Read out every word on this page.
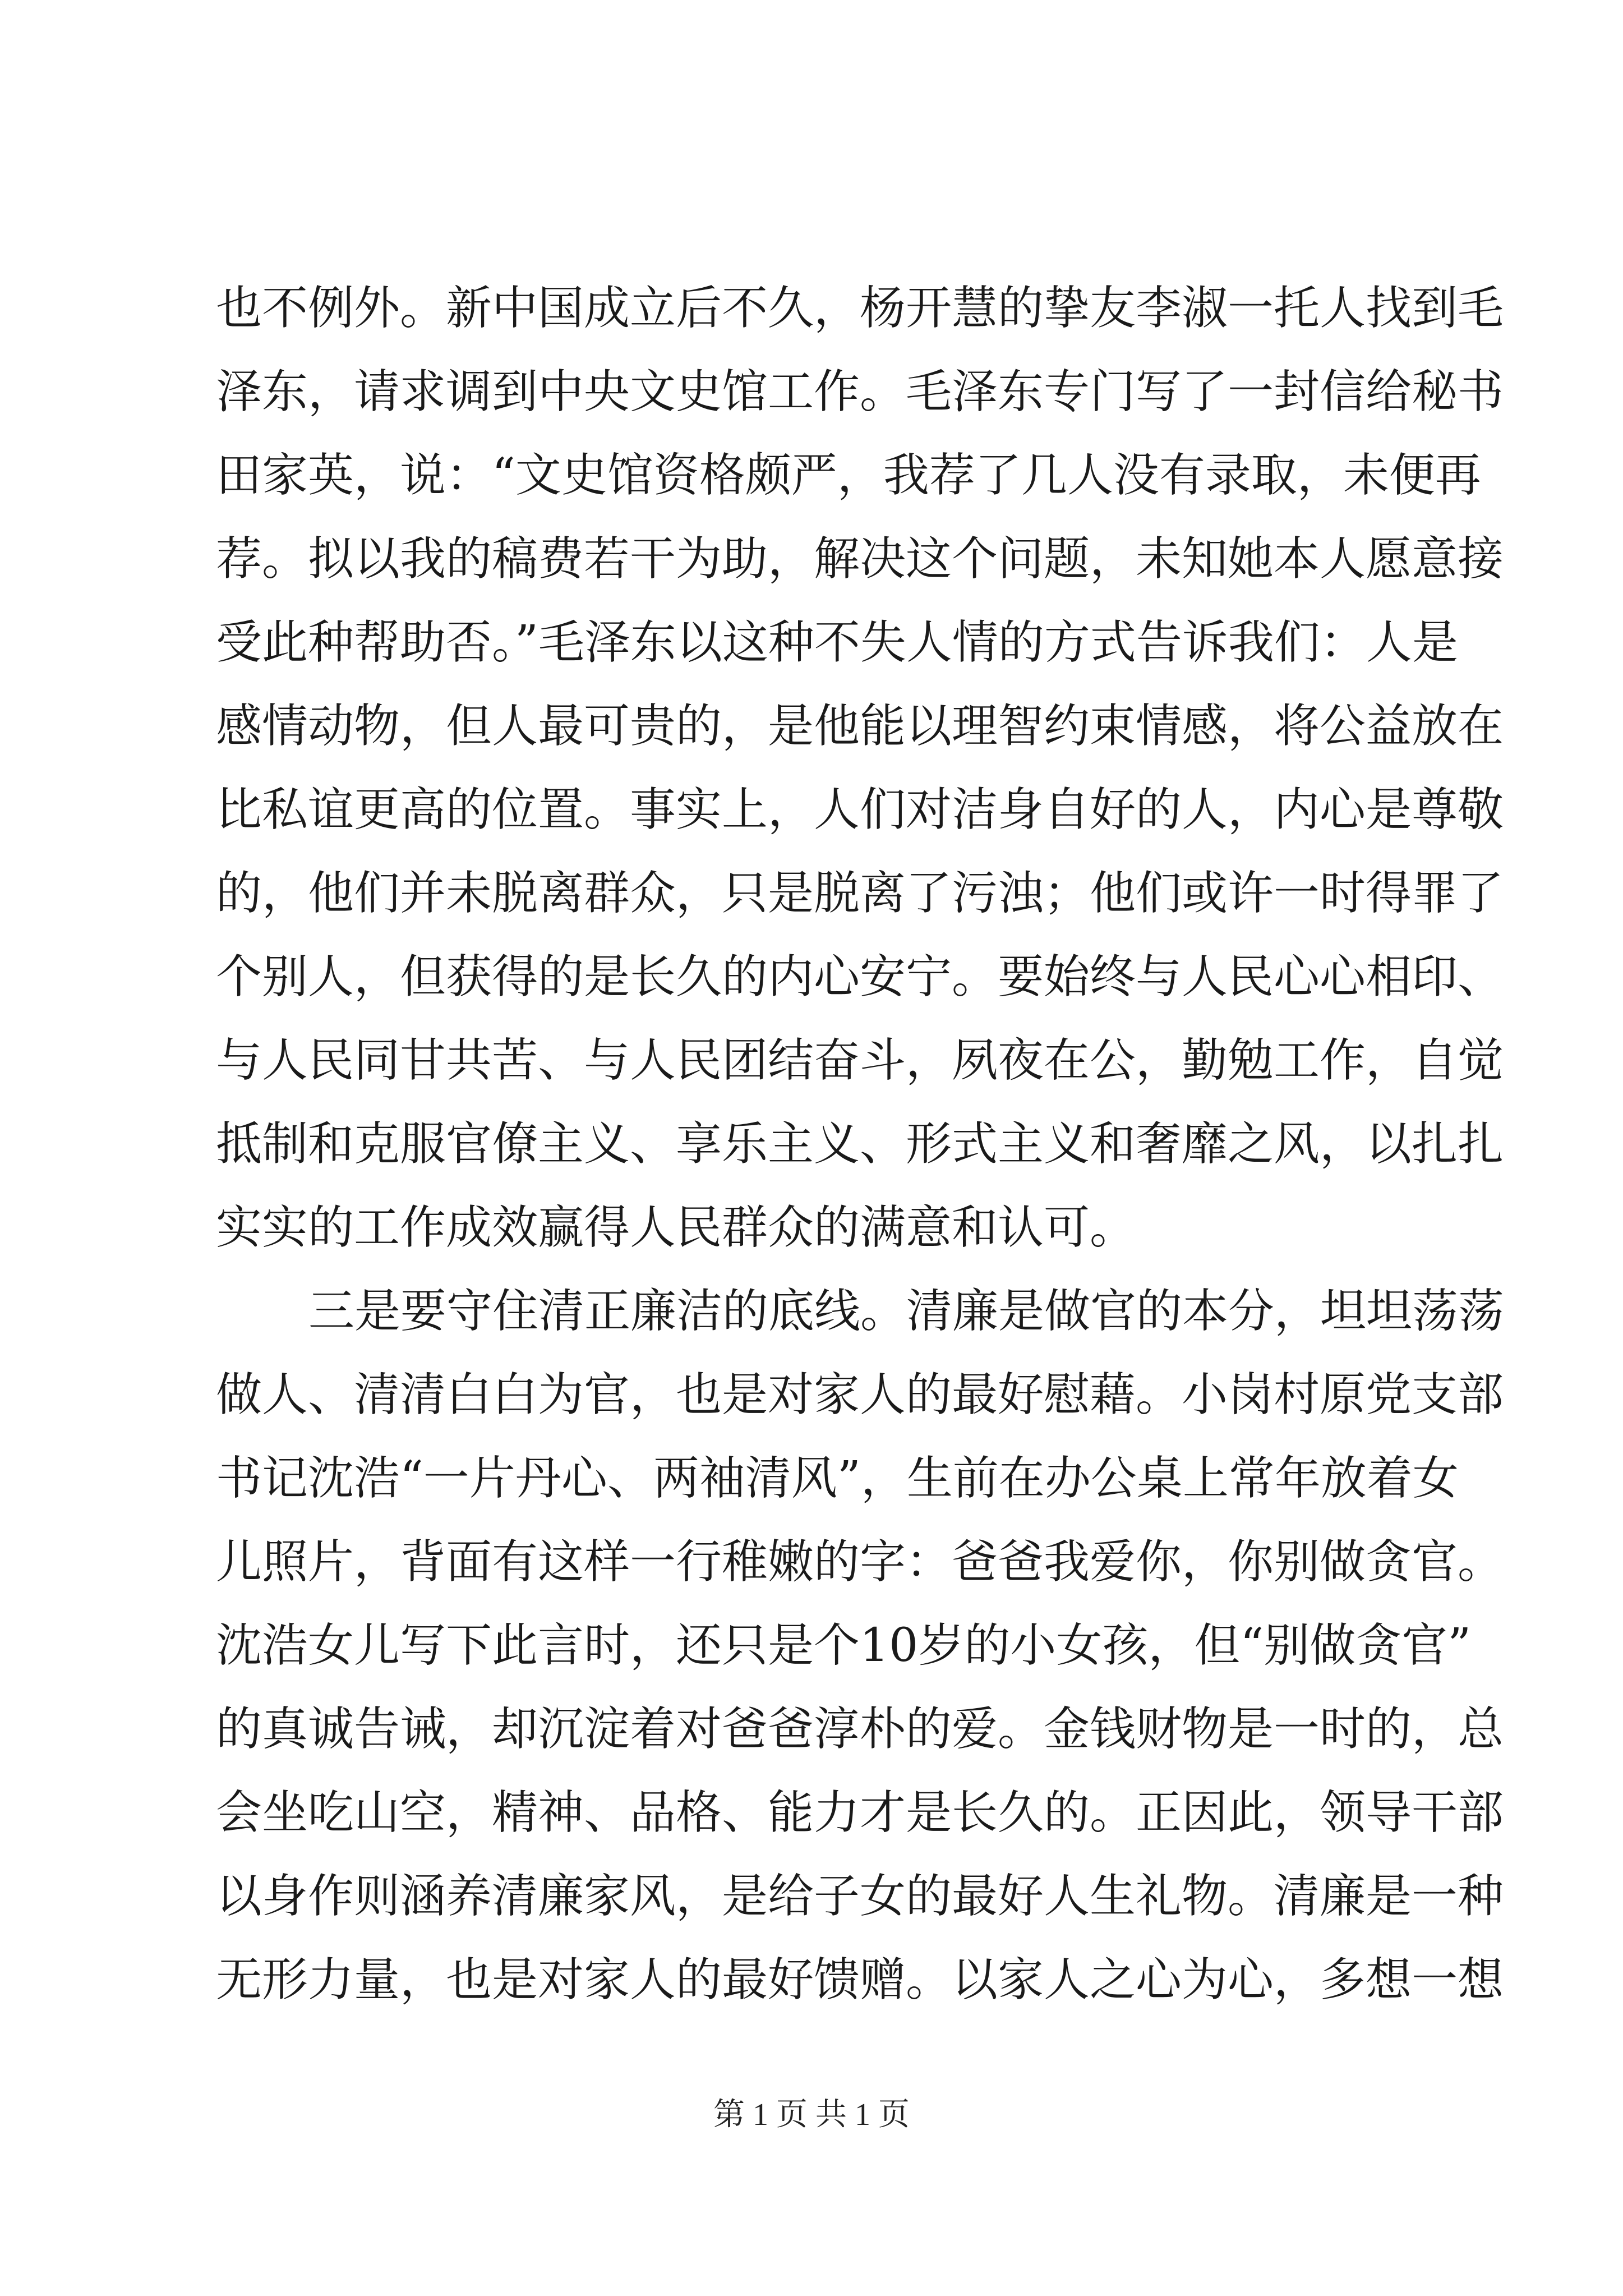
也不例外。新中国成立后不久，杨开慧的挚友李淑一托人找到毛
泽东，请求调到中央文史馆工作。毛泽东专门写了一封信给秘书
田家英，说：“文史馆资格颇严，我荐了几人没有录取，未便再
荐。拟以我的稿费若干为助，解决这个问题，未知她本人愿意接
受此种帮助否。”毛泽东以这种不失人情的方式告诉我们：人是
感情动物，但人最可贵的，是他能以理智约束情感，将公益放在
比私谊更高的位置。事实上，人们对洁身自好的人，内心是尊敬
的，他们并未脱离群众，只是脱离了污浊；他们或许一时得罪了
个别人，但获得的是长久的内心安宁。要始终与人民心心相印、
与人民同甘共苦、与人民团结奋斗，夙夜在公，勤勉工作，自觉
抵制和克服官僚主义、享乐主义、形式主义和奢靡之风，以扎扎
实实的工作成效赢得人民群众的满意和认可。
三是要守住清正廉洁的底线。清廉是做官的本分，坦坦荡荡
做人、清清白白为官，也是对家人的最好慰藉。小岗村原党支部
书记沈浩“一片丹心、两袖清风”，生前在办公桌上常年放着女
儿照片，背面有这样一行稚嫩的字：爸爸我爱你，你别做贪官。
沈浩女儿写下此言时，还只是个10岁的小女孩，但“别做贪官”
的真诚告诫，却沉淀着对爸爸淳朴的爱。金钱财物是一时的，总
会坐吃山空，精神、品格、能力才是长久的。正因此，领导干部
以身作则涵养清廉家风，是给子女的最好人生礼物。清廉是一种
无形力量，也是对家人的最好馈赠。以家人之心为心，多想一想
第 1 页 共 1 页
